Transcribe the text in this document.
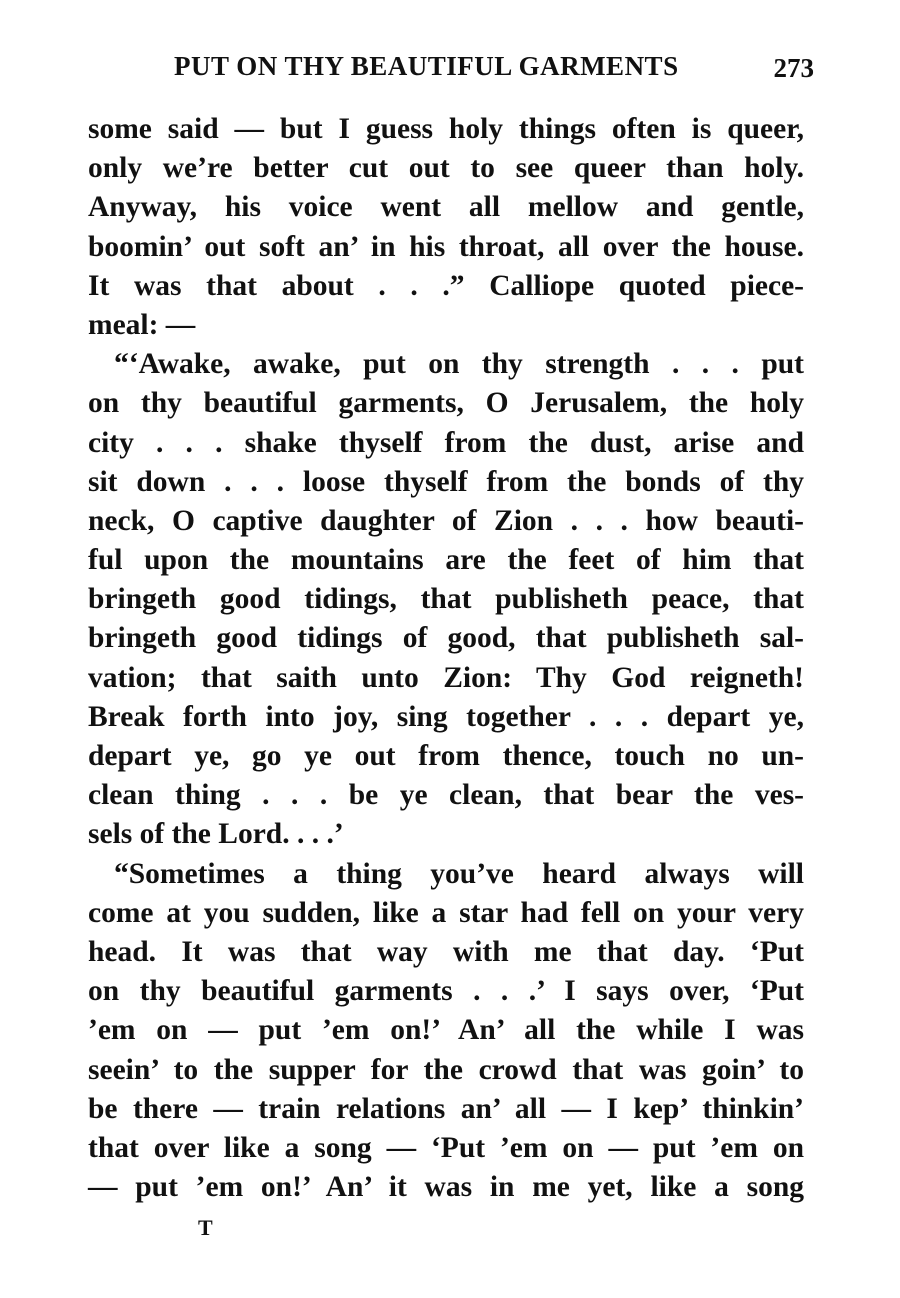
PUT ON THY BEAUTIFUL GARMENTS	273
some said — but I guess holy things often is queer,
only we’re better cut out to see queer than holy.
Anyway, his voice went all mellow and gentle,
boomin’ out soft an’ in his throat, all over the house.
It was that about . . .” Calliope quoted piece-
meal: —
“‘Awake, awake, put on thy strength . . . put
on thy beautiful garments, O Jerusalem, the holy
city . . . shake thyself from the dust, arise and
sit down . . . loose thyself from the bonds of thy
neck, O captive daughter of Zion . . . how beauti-
ful upon the mountains are the feet of him that
bringeth good tidings, that publisheth peace, that
bringeth good tidings of good, that publisheth sal-
vation; that saith unto Zion: Thy God reigneth!
Break forth into joy, sing together . . . depart ye,
depart ye, go ye out from thence, touch no un-
clean thing . . . be ye clean, that bear the ves-
sels of the Lord. . . .’
“Sometimes a thing you’ve heard always will
come at you sudden, like a star had fell on your very
head. It was that way with me that day. ‘Put
on thy beautiful garments . . .’ I says over, ‘Put
’em on — put ’em on!’ An’ all the while I was
seein’ to the supper for the crowd that was goin’ to
be there — train relations an’ all — I kep’ thinkin’
that over like a song — ‘Put ’em on — put ’em on
— put ’em on!’ An’ it was in me yet, like a song
T
